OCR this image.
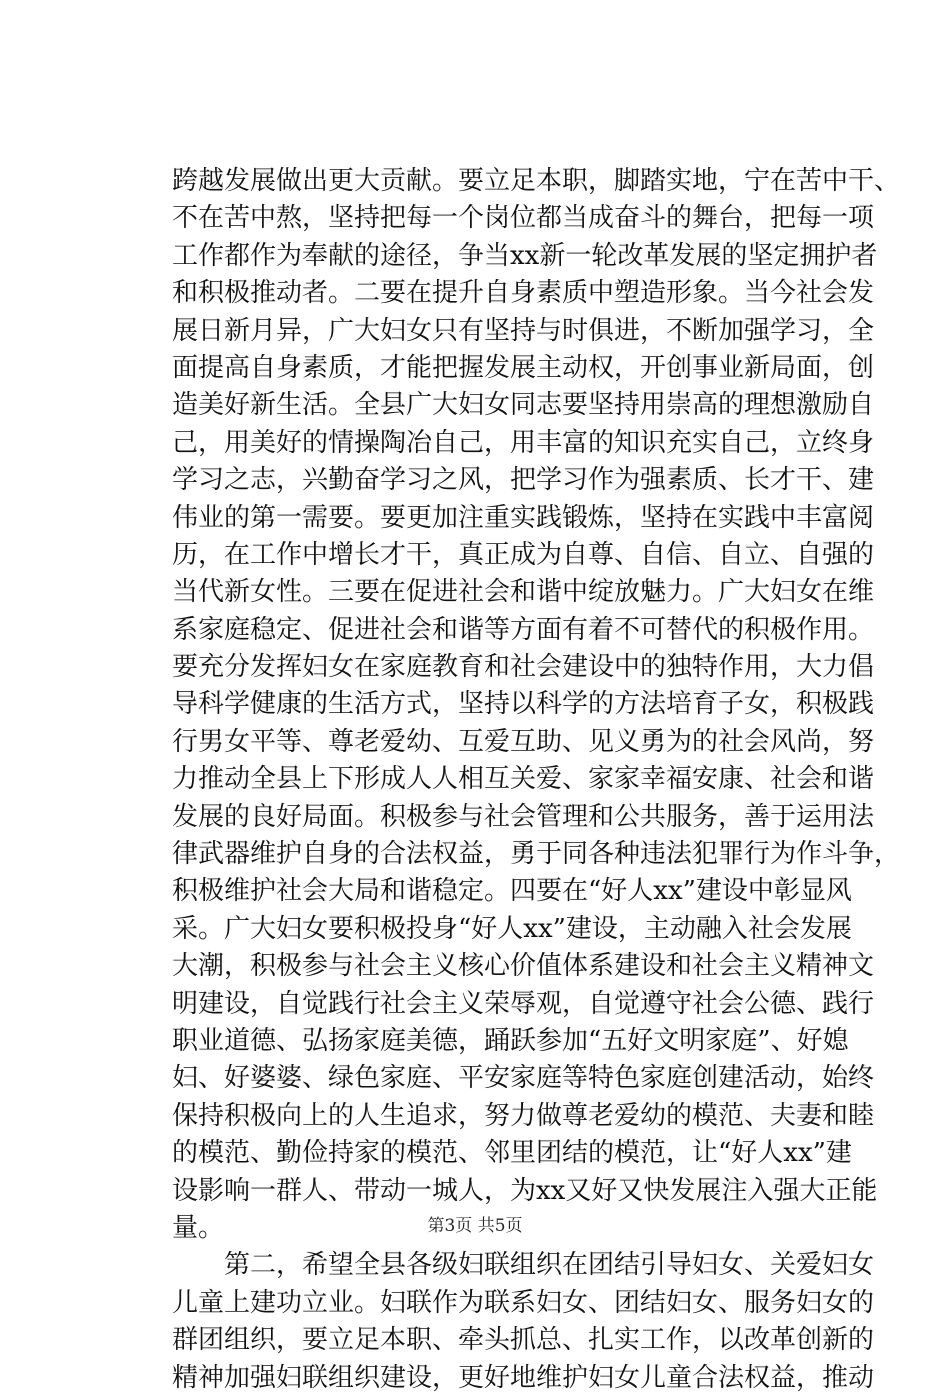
跨越发展做出更大贡献。要立足本职，脚踏实地，宁在苦中干、
不在苦中熬，坚持把每一个岗位都当成奋斗的舞台，把每一项
工作都作为奉献的途径，争当xx新一轮改革发展的坚定拥护者
和积极推动者。二要在提升自身素质中塑造形象。当今社会发
展日新月异，广大妇女只有坚持与时俱进，不断加强学习，全
面提高自身素质，才能把握发展主动权，开创事业新局面，创
造美好新生活。全县广大妇女同志要坚持用崇高的理想激励自
己，用美好的情操陶冶自己，用丰富的知识充实自己，立终身
学习之志，兴勤奋学习之风，把学习作为强素质、长才干、建
伟业的第一需要。要更加注重实践锻炼，坚持在实践中丰富阅
历，在工作中增长才干，真正成为自尊、自信、自立、自强的
当代新女性。三要在促进社会和谐中绽放魅力。广大妇女在维
系家庭稳定、促进社会和谐等方面有着不可替代的积极作用。
要充分发挥妇女在家庭教育和社会建设中的独特作用，大力倡
导科学健康的生活方式，坚持以科学的方法培育子女，积极践
行男女平等、尊老爱幼、互爱互助、见义勇为的社会风尚，努
力推动全县上下形成人人相互关爱、家家幸福安康、社会和谐
发展的良好局面。积极参与社会管理和公共服务，善于运用法
律武器维护自身的合法权益，勇于同各种违法犯罪行为作斗争，
积极维护社会大局和谐稳定。四要在“好人xx”建设中彰显风
采。广大妇女要积极投身“好人xx”建设，主动融入社会发展
大潮，积极参与社会主义核心价值体系建设和社会主义精神文
明建设，自觉践行社会主义荣辱观，自觉遵守社会公德、践行
职业道德、弘扬家庭美德，踊跃参加“五好文明家庭”、好媳
妇、好婆婆、绿色家庭、平安家庭等特色家庭创建活动，始终
保持积极向上的人生追求，努力做尊老爱幼的模范、夫妻和睦
的模范、勤俭持家的模范、邻里团结的模范，让“好人xx”建
设影响一群人、带动一城人，为xx又好又快发展注入强大正能
量。
　　第二，希望全县各级妇联组织在团结引导妇女、关爱妇女
儿童上建功立业。妇联作为联系妇女、团结妇女、服务妇女的
群团组织，要立足本职、牵头抓总、扎实工作，以改革创新的
精神加强妇联组织建设，更好地维护妇女儿童合法权益，推动
第3页 共5页
